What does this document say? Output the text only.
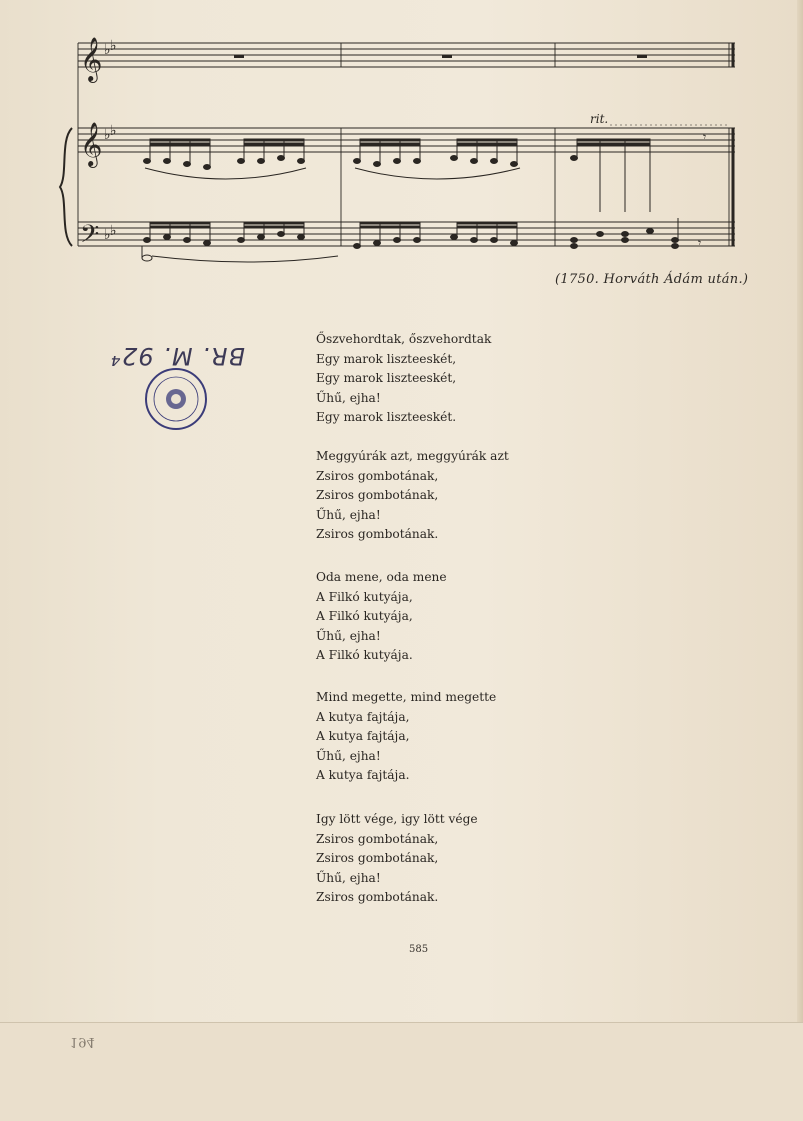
𝄞
𝄞
𝄢
♭ ♭
♭ ♭
♭ ♭
𝄾
rit.
𝄾
(1750. Horváth Ádám után.)
BR. M. 92⁴
Őszvehordtak, őszvehordtak
Egy marok liszteeskét,
Egy marok liszteeskét,
Űhű, ejha!
Egy marok liszteeskét.
Meggyúrák azt, meggyúrák azt
Zsiros gombotának,
Zsiros gombotának,
Űhű, ejha!
Zsiros gombotának.
Oda mene, oda mene
A Filkó kutyája,
A Filkó kutyája,
Űhű, ejha!
A Filkó kutyája.
Mind megette, mind megette
A kutya fajtája,
A kutya fajtája,
Űhű, ejha!
A kutya fajtája.
Igy lött vége, igy lött vége
Zsiros gombotának,
Zsiros gombotának,
Űhű, ejha!
Zsiros gombotának.
585
194
